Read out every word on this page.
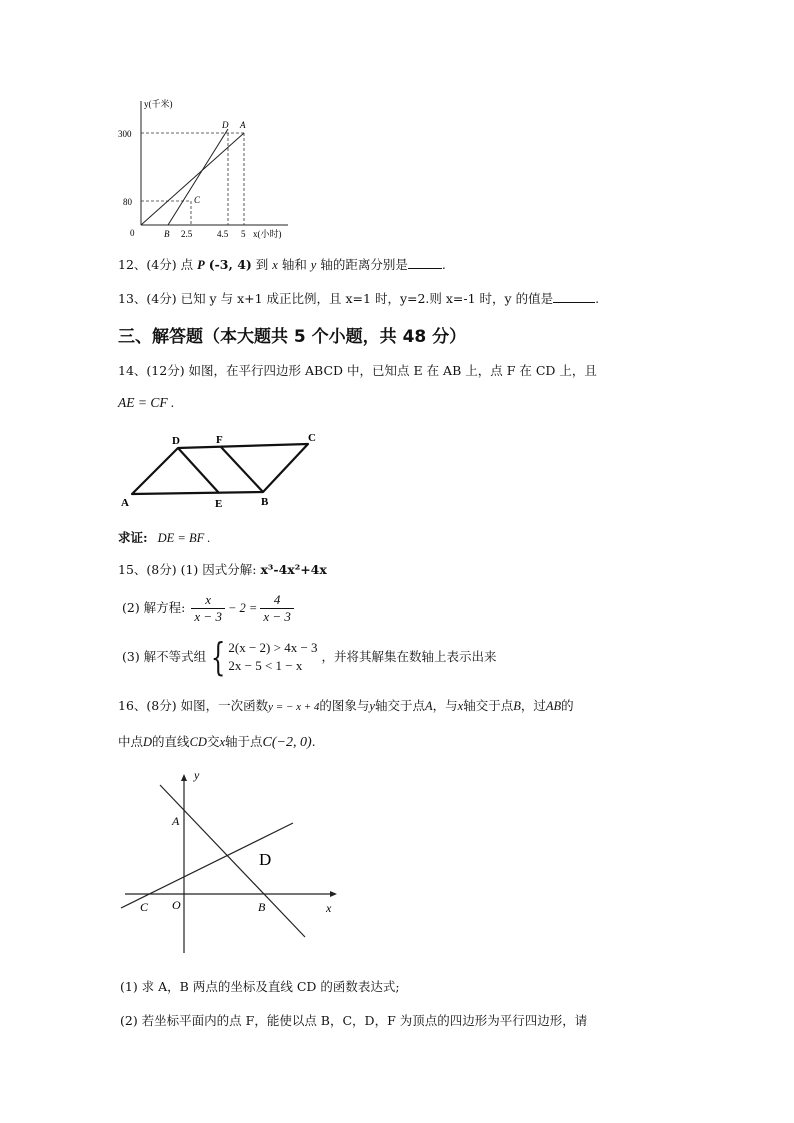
y(千米)
300
80
0	2.5	4.5 5 x(小时)
D A
C
B
12、(4分) 点 P (-3, 4) 到 x 轴和 y 轴的距离分别是	.
13、(4分) 已知 y 与 x+1 成正比例，且 x=1 时，y=2.则 x=-1 时，y 的值是	.
三、解答题（本大题共 5 个小题，共 48 分）
14、(12分) 如图，在平行四边形 ABCD 中，已知点 E 在 AB 上，点 F 在 CD 上，且
AE = CF .
D	F	C
A	E	B
求证: DE = BF .
15、(8分) (1) 因式分解: x³-4x²+4x
(2) 解方程: $\frac{x}{x - 3} - 2 = \frac{4}{x - 3}$
(3) 解不等式组 { 2(x − 2) > 4x − 3
2x − 5 < 1 − x
，并将其解集在数轴上表示出来
16、(8分) 如图，一次函数y = − x + 4的图象与y轴交于点A，与x轴交于点B，过AB的
中点D的直线CD交x轴于点C(−2, 0).
y
x
A
B
C O
D
(1) 求 A，B 两点的坐标及直线 CD 的函数表达式;
(2) 若坐标平面内的点 F，能使以点 B，C，D，F 为顶点的四边形为平行四边形，请
